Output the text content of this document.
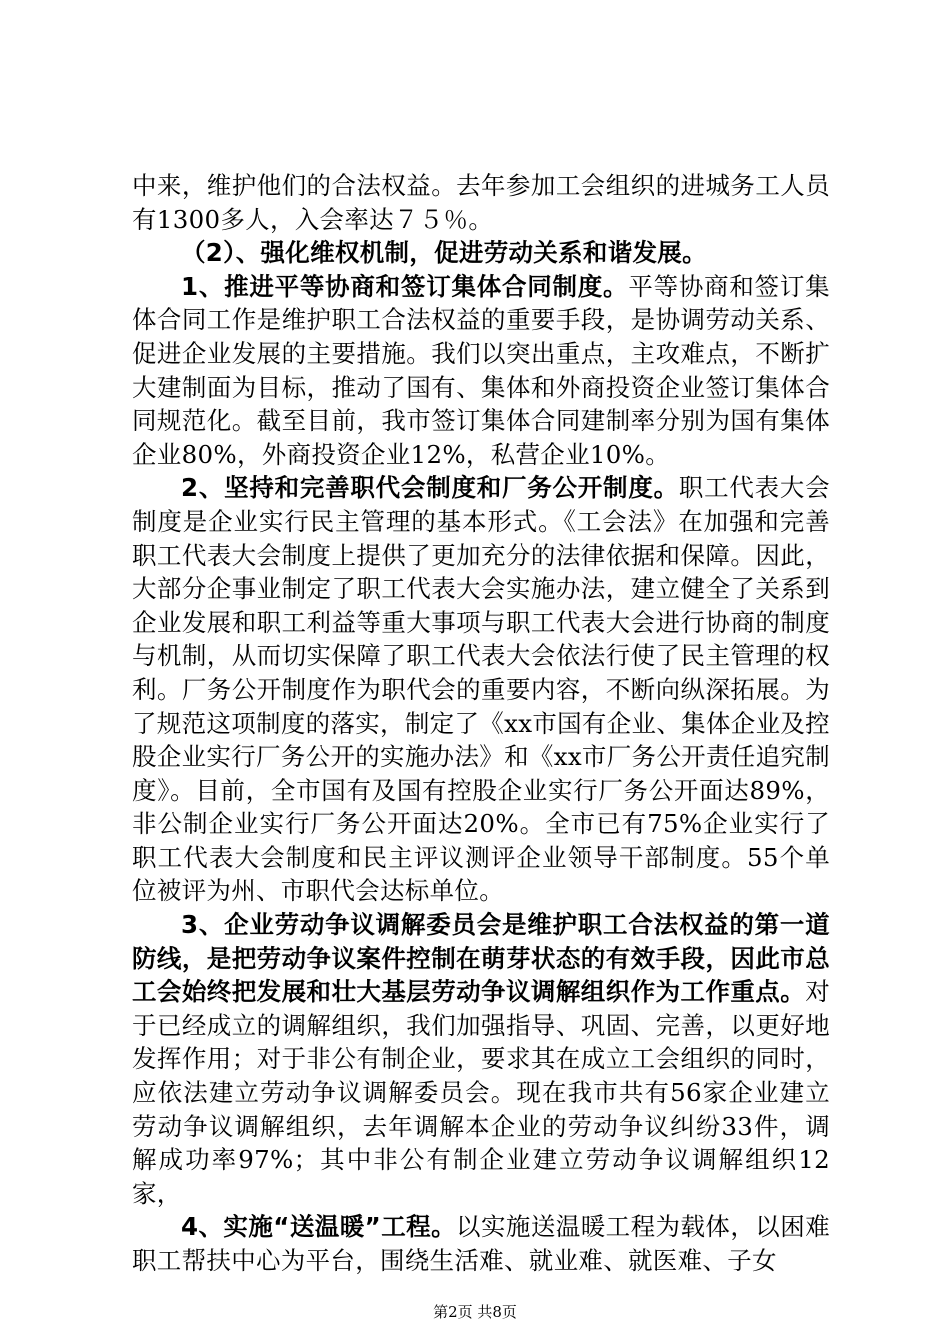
中来，维护他们的合法权益。去年参加工会组织的进城务工人员有1300多人，入会率达７５％。

（2）、强化维权机制，促进劳动关系和谐发展。

1、推进平等协商和签订集体合同制度。平等协商和签订集体合同工作是维护职工合法权益的重要手段，是协调劳动关系、促进企业发展的主要措施。我们以突出重点，主攻难点，不断扩大建制面为目标，推动了国有、集体和外商投资企业签订集体合同规范化。截至目前，我市签订集体合同建制率分别为国有集体企业80%，外商投资企业12%，私营企业10%。

2、坚持和完善职代会制度和厂务公开制度。职工代表大会制度是企业实行民主管理的基本形式。《工会法》在加强和完善职工代表大会制度上提供了更加充分的法律依据和保障。因此，大部分企事业制定了职工代表大会实施办法，建立健全了关系到企业发展和职工利益等重大事项与职工代表大会进行协商的制度与机制，从而切实保障了职工代表大会依法行使了民主管理的权利。厂务公开制度作为职代会的重要内容，不断向纵深拓展。为了规范这项制度的落实，制定了《xx市国有企业、集体企业及控股企业实行厂务公开的实施办法》和《xx市厂务公开责任追究制度》。目前，全市国有及国有控股企业实行厂务公开面达89%，非公制企业实行厂务公开面达20%。全市已有75%企业实行了职工代表大会制度和民主评议测评企业领导干部制度。55个单位被评为州、市职代会达标单位。

3、企业劳动争议调解委员会是维护职工合法权益的第一道防线，是把劳动争议案件控制在萌芽状态的有效手段，因此市总工会始终把发展和壮大基层劳动争议调解组织作为工作重点。对于已经成立的调解组织，我们加强指导、巩固、完善，以更好地发挥作用；对于非公有制企业，要求其在成立工会组织的同时，应依法建立劳动争议调解委员会。现在我市共有56家企业建立劳动争议调解组织，去年调解本企业的劳动争议纠纷33件，调解成功率97%；其中非公有制企业建立劳动争议调解组织12家，

4、实施“送温暖”工程。以实施送温暖工程为载体，以困难职工帮扶中心为平台，围绕生活难、就业难、就医难、子女

第2页 共8页
